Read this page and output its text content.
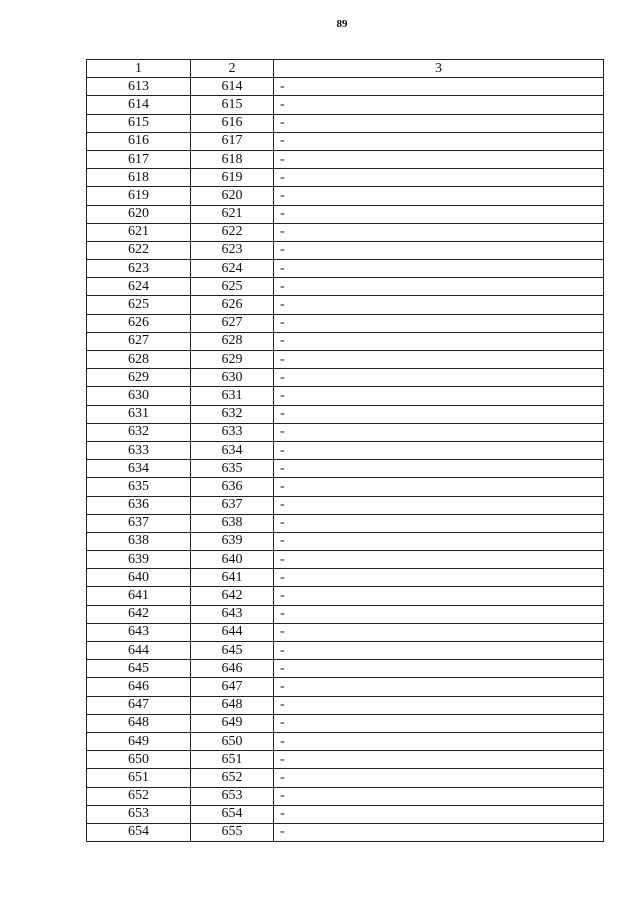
89
1	2	3
613	614	-
614	615	-
615	616	-
616	617	-
617	618	-
618	619	-
619	620	-
620	621	-
621	622	-
622	623	-
623	624	-
624	625	-
625	626	-
626	627	-
627	628	-
628	629	-
629	630	-
630	631	-
631	632	-
632	633	-
633	634	-
634	635	-
635	636	-
636	637	-
637	638	-
638	639	-
639	640	-
640	641	-
641	642	-
642	643	-
643	644	-
644	645	-
645	646	-
646	647	-
647	648	-
648	649	-
649	650	-
650	651	-
651	652	-
652	653	-
653	654	-
654	655	-
